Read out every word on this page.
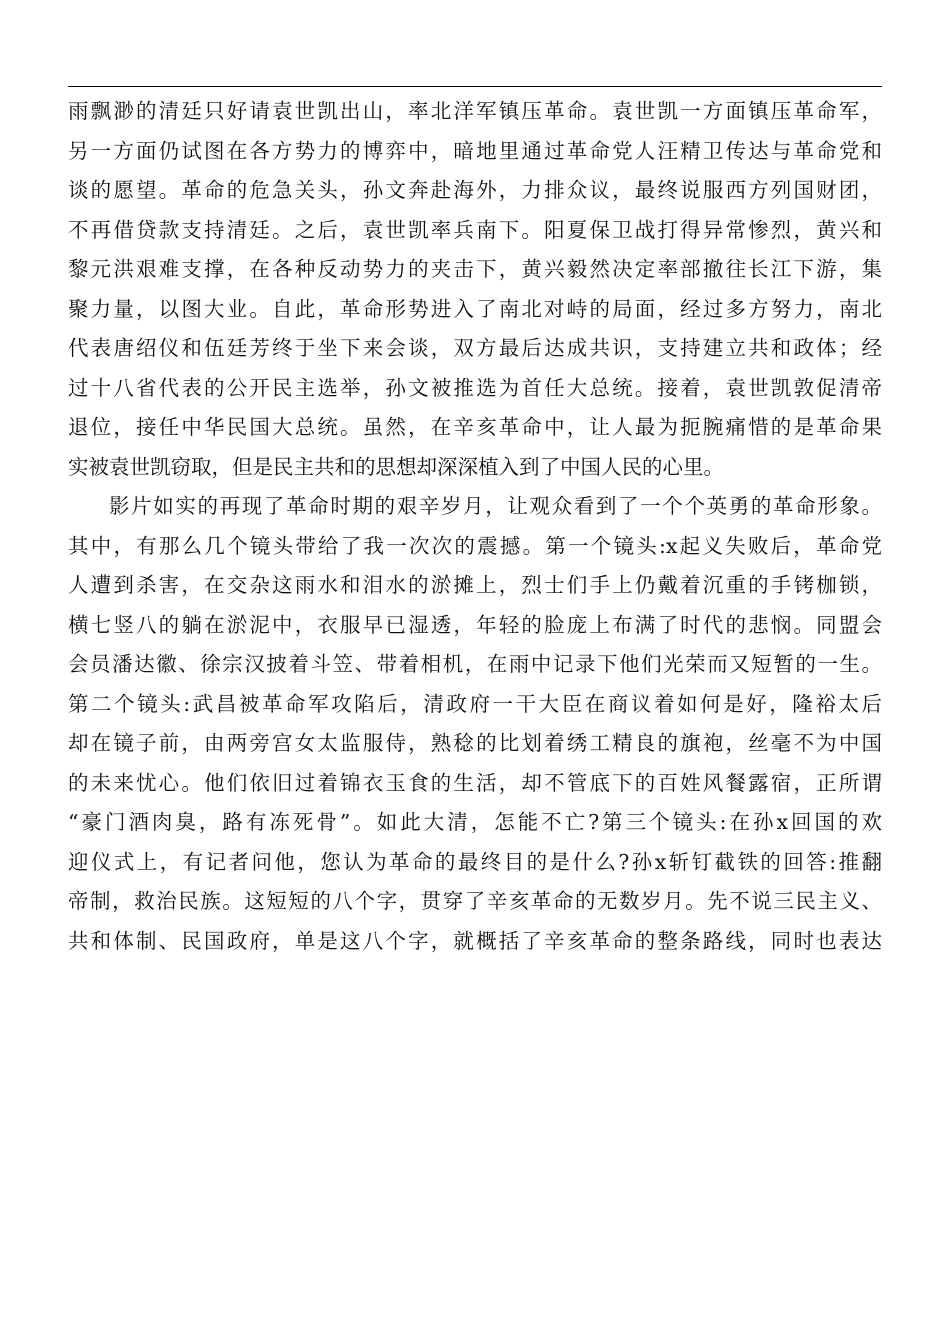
雨飘渺的清廷只好请袁世凯出山，率北洋军镇压革命。袁世凯一方面镇压革命军，
另一方面仍试图在各方势力的博弈中，暗地里通过革命党人汪精卫传达与革命党和
谈的愿望。革命的危急关头，孙文奔赴海外，力排众议，最终说服西方列国财团，
不再借贷款支持清廷。之后，袁世凯率兵南下。阳夏保卫战打得异常惨烈，黄兴和
黎元洪艰难支撑，在各种反动势力的夹击下，黄兴毅然决定率部撤往长江下游，集
聚力量，以图大业。自此，革命形势进入了南北对峙的局面，经过多方努力，南北
代表唐绍仪和伍廷芳终于坐下来会谈，双方最后达成共识，支持建立共和政体；经
过十八省代表的公开民主选举，孙文被推选为首任大总统。接着，袁世凯敦促清帝
退位，接任中华民国大总统。虽然，在辛亥革命中，让人最为扼腕痛惜的是革命果
实被袁世凯窃取，但是民主共和的思想却深深植入到了中国人民的心里。
影片如实的再现了革命时期的艰辛岁月，让观众看到了一个个英勇的革命形象。
其中，有那么几个镜头带给了我一次次的震撼。第一个镜头:x起义失败后，革命党
人遭到杀害，在交杂这雨水和泪水的淤摊上，烈士们手上仍戴着沉重的手铐枷锁，
横七竖八的躺在淤泥中，衣服早已湿透，年轻的脸庞上布满了时代的悲悯。同盟会
会员潘达徽、徐宗汉披着斗笠、带着相机，在雨中记录下他们光荣而又短暂的一生。
第二个镜头:武昌被革命军攻陷后，清政府一干大臣在商议着如何是好，隆裕太后
却在镜子前，由两旁宫女太监服侍，熟稔的比划着绣工精良的旗袍，丝毫不为中国
的未来忧心。他们依旧过着锦衣玉食的生活，却不管底下的百姓风餐露宿，正所谓
“豪门酒肉臭，路有冻死骨”。如此大清，怎能不亡?第三个镜头:在孙x回国的欢
迎仪式上，有记者问他，您认为革命的最终目的是什么?孙x斩钉截铁的回答:推翻
帝制，救治民族。这短短的八个字，贯穿了辛亥革命的无数岁月。先不说三民主义、
共和体制、民国政府，单是这八个字，就概括了辛亥革命的整条路线，同时也表达
